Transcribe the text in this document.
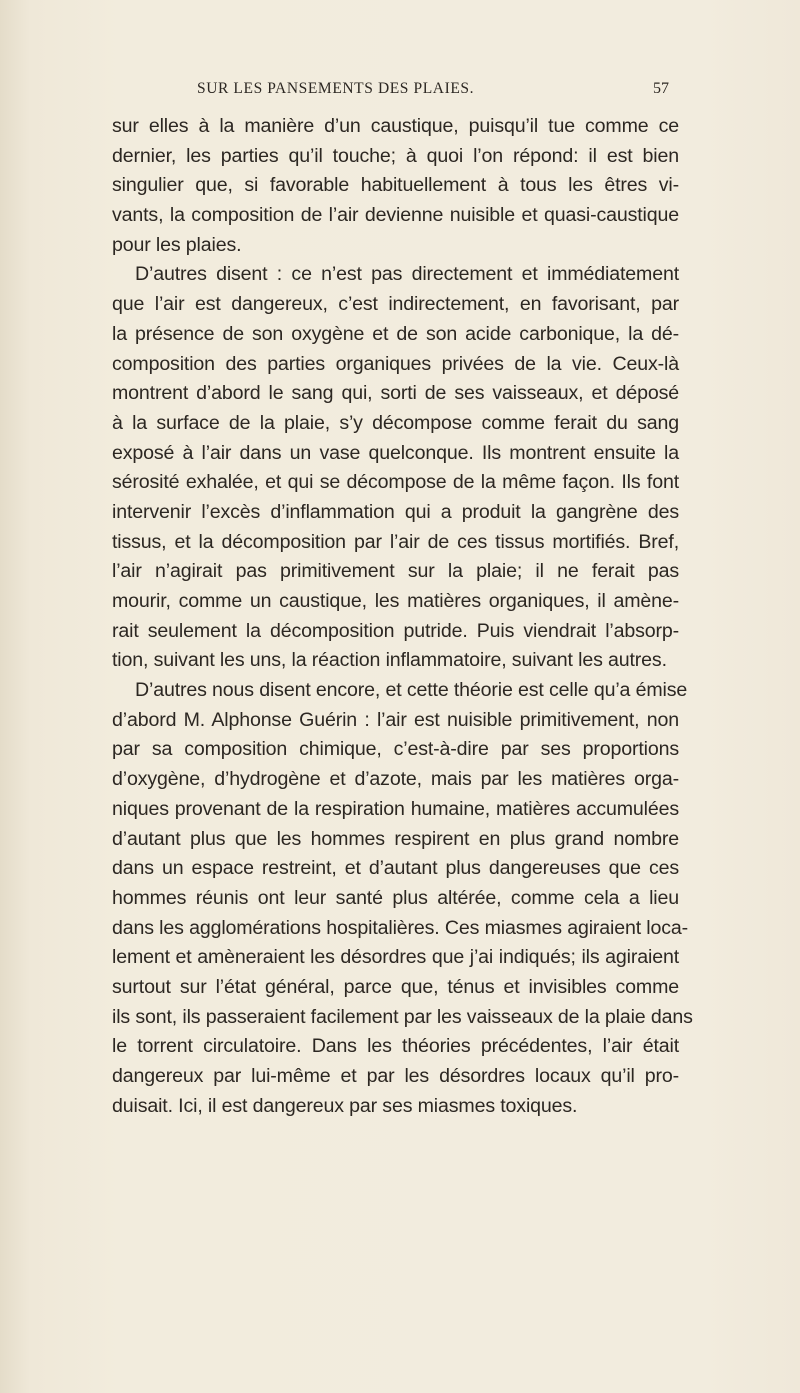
SUR LES PANSEMENTS DES PLAIES.	57
sur elles à la manière d’un caustique, puisqu’il tue comme ce
dernier, les parties qu’il touche; à quoi l’on répond: il est bien
singulier que, si favorable habituellement à tous les êtres vi-
vants, la composition de l’air devienne nuisible et quasi-caustique
pour les plaies.
D’autres disent : ce n’est pas directement et immédiatement
que l’air est dangereux, c’est indirectement, en favorisant, par
la présence de son oxygène et de son acide carbonique, la dé-
composition des parties organiques privées de la vie. Ceux-là
montrent d’abord le sang qui, sorti de ses vaisseaux, et déposé
à la surface de la plaie, s’y décompose comme ferait du sang
exposé à l’air dans un vase quelconque. Ils montrent ensuite la
sérosité exhalée, et qui se décompose de la même façon. Ils font
intervenir l’excès d’inflammation qui a produit la gangrène des
tissus, et la décomposition par l’air de ces tissus mortifiés. Bref,
l’air n’agirait pas primitivement sur la plaie; il ne ferait pas
mourir, comme un caustique, les matières organiques, il amène-
rait seulement la décomposition putride. Puis viendrait l’absorp-
tion, suivant les uns, la réaction inflammatoire, suivant les autres.
D’autres nous disent encore, et cette théorie est celle qu’a émise
d’abord M. Alphonse Guérin : l’air est nuisible primitivement, non
par sa composition chimique, c’est-à-dire par ses proportions
d’oxygène, d’hydrogène et d’azote, mais par les matières orga-
niques provenant de la respiration humaine, matières accumulées
d’autant plus que les hommes respirent en plus grand nombre
dans un espace restreint, et d’autant plus dangereuses que ces
hommes réunis ont leur santé plus altérée, comme cela a lieu
dans les agglomérations hospitalières. Ces miasmes agiraient loca-
lement et amèneraient les désordres que j’ai indiqués; ils agiraient
surtout sur l’état général, parce que, ténus et invisibles comme
ils sont, ils passeraient facilement par les vaisseaux de la plaie dans
le torrent circulatoire. Dans les théories précédentes, l’air était
dangereux par lui-même et par les désordres locaux qu’il pro-
duisait. Ici, il est dangereux par ses miasmes toxiques.
